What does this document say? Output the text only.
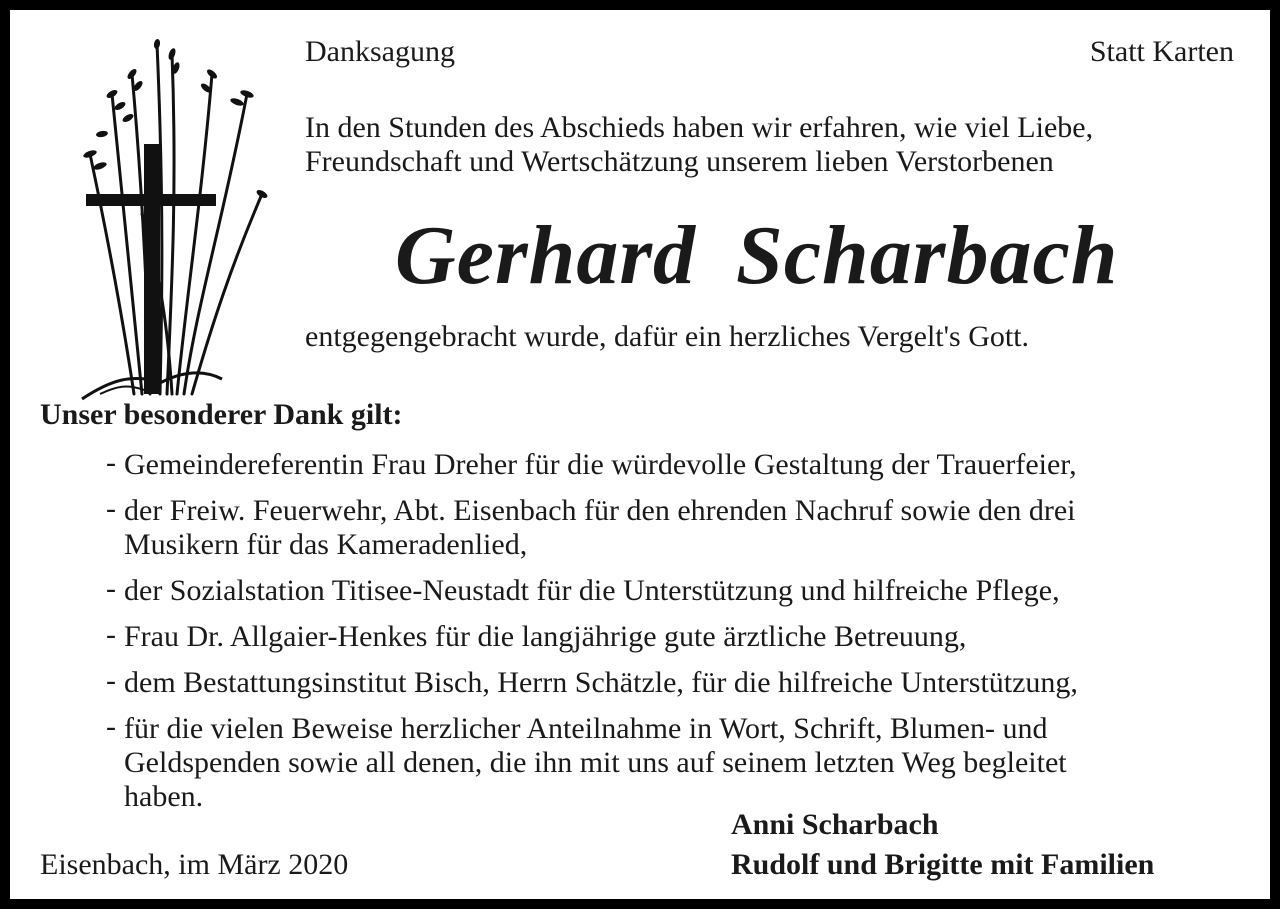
Danksagung	Statt Karten
In den Stunden des Abschieds haben wir erfahren, wie viel Liebe,
Freundschaft und Wertschätzung unserem lieben Verstorbenen
Gerhard Scharbach
entgegengebracht wurde, dafür ein herzliches Vergelt's Gott.
Unser besonderer Dank gilt:
- Gemeindereferentin Frau Dreher für die würdevolle Gestaltung der Trauerfeier,
- der Freiw. Feuerwehr, Abt. Eisenbach für den ehrenden Nachruf sowie den drei
Musikern für das Kameradenlied,
- der Sozialstation Titisee-Neustadt für die Unterstützung und hilfreiche Pflege,
- Frau Dr. Allgaier-Henkes für die langjährige gute ärztliche Betreuung,
- dem Bestattungsinstitut Bisch, Herrn Schätzle, für die hilfreiche Unterstützung,
- für die vielen Beweise herzlicher Anteilnahme in Wort, Schrift, Blumen- und
Geldspenden sowie all denen, die ihn mit uns auf seinem letzten Weg begleitet
haben.
Anni Scharbach
Eisenbach, im März 2020	Rudolf und Brigitte mit Familien
